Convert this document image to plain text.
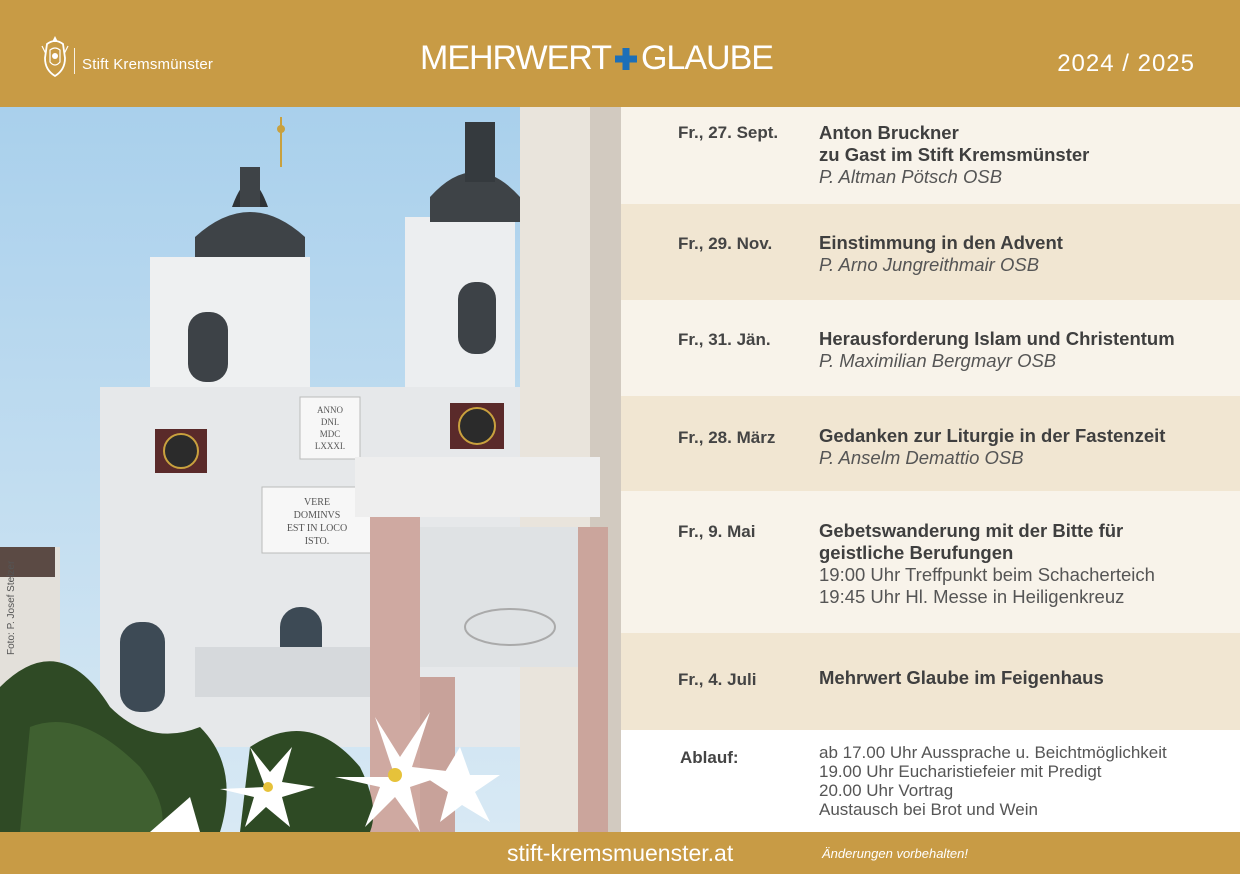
Stift Kremsmünster	MEHRWERT GLAUBE	2024 / 2025
ANNO
DNI.
MDC
LXXXI.
VERE
DOMINVS
EST IN LOCO
ISTO.
Foto: P. Josef Stelzer
Fr., 27. Sept. Anton Bruckner
zu Gast im Stift Kremsmünster
P. Altman Pötsch OSB
Fr., 29. Nov.	Einstimmung in den Advent
P. Arno Jungreithmair OSB
Fr., 31. Jän.	Herausforderung Islam und Christentum
P. Maximilian Bergmayr OSB
Fr., 28. März Gedanken zur Liturgie in der Fastenzeit
P. Anselm Demattio OSB
Fr., 9. Mai	Gebetswanderung mit der Bitte für
geistliche Berufungen
19:00 Uhr Treffpunkt beim Schacherteich
19:45 Uhr Hl. Messe in Heiligenkreuz
Fr., 4. Juli	Mehrwert Glaube im Feigenhaus
Ablauf:	ab 17.00 Uhr Aussprache u. Beichtmöglichkeit
19.00 Uhr Eucharistiefeier mit Predigt
20.00 Uhr Vortrag
Austausch bei Brot und Wein
stift-kremsmuenster.at	Änderungen vorbehalten!
